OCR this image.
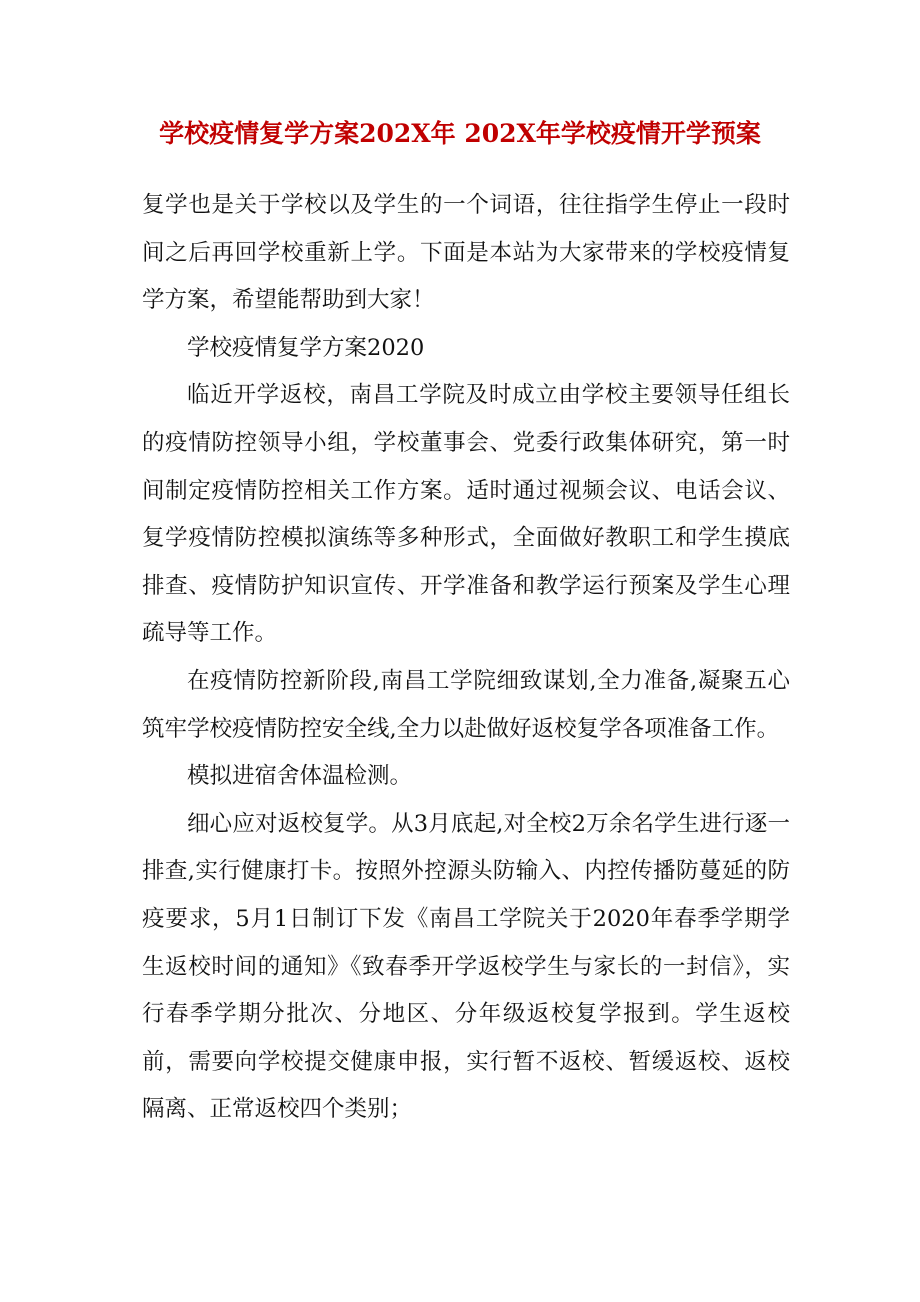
学校疫情复学方案202X年 202X年学校疫情开学预案

复学也是关于学校以及学生的一个词语，往往指学生停止一段时间之后再回学校重新上学。下面是本站为大家带来的学校疫情复学方案，希望能帮助到大家！

学校疫情复学方案2020

临近开学返校，南昌工学院及时成立由学校主要领导任组长的疫情防控领导小组，学校董事会、党委行政集体研究，第一时间制定疫情防控相关工作方案。适时通过视频会议、电话会议、复学疫情防控模拟演练等多种形式，全面做好教职工和学生摸底排查、疫情防护知识宣传、开学准备和教学运行预案及学生心理疏导等工作。

在疫情防控新阶段,南昌工学院细致谋划,全力准备,凝聚五心筑牢学校疫情防控安全线,全力以赴做好返校复学各项准备工作。

模拟进宿舍体温检测。

细心应对返校复学。从3月底起,对全校2万余名学生进行逐一排查,实行健康打卡。按照外控源头防输入、内控传播防蔓延的防疫要求，5月1日制订下发《南昌工学院关于2020年春季学期学生返校时间的通知》《致春季开学返校学生与家长的一封信》，实行春季学期分批次、分地区、分年级返校复学报到。学生返校前，需要向学校提交健康申报，实行暂不返校、暂缓返校、返校隔离、正常返校四个类别；
